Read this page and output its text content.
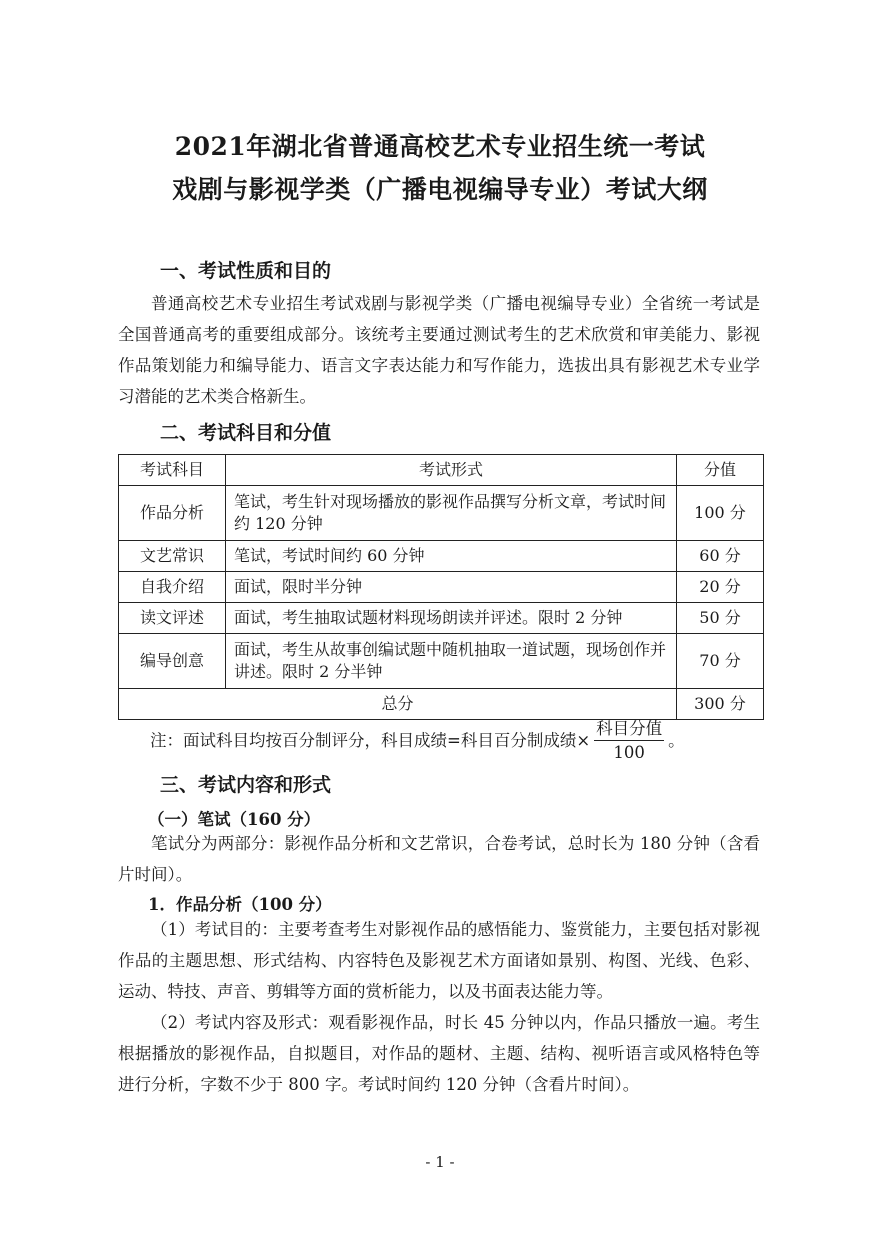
2021年湖北省普通高校艺术专业招生统一考试
戏剧与影视学类（广播电视编导专业）考试大纲
一、考试性质和目的

普通高校艺术专业招生考试戏剧与影视学类（广播电视编导专业）全省统一考试是全国普通高考的重要组成部分。该统考主要通过测试考生的艺术欣赏和审美能力、影视作品策划能力和编导能力、语言文字表达能力和写作能力，选拔出具有影视艺术专业学习潜能的艺术类合格新生。

二、考试科目和分值
考试科目	考试形式	分值
作品分析	笔试，考生针对现场播放的影视作品撰写分析文章，考试时间约 120 分钟	100 分
文艺常识	笔试，考试时间约 60 分钟	60 分
自我介绍	面试，限时半分钟	20 分
读文评述	面试，考生抽取试题材料现场朗读并评述。限时 2 分钟	50 分
编导创意	面试，考生从故事创编试题中随机抽取一道试题，现场创作并讲述。限时 2 分半钟	70 分
总分		300 分
注：面试科目均按百分制评分，科目成绩=科目百分制成绩× $\frac{\text{科目分值}}{100}$ 。
三、考试内容和形式
（一）笔试（160 分）

笔试分为两部分：影视作品分析和文艺常识，合卷考试，总时长为 180 分钟（含看片时间）。

1．作品分析（100 分）

（1）考试目的：主要考查考生对影视作品的感悟能力、鉴赏能力，主要包括对影视作品的主题思想、形式结构、内容特色及影视艺术方面诸如景别、构图、光线、色彩、运动、特技、声音、剪辑等方面的赏析能力，以及书面表达能力等。

（2）考试内容及形式：观看影视作品，时长 45 分钟以内，作品只播放一遍。考生根据播放的影视作品，自拟题目，对作品的题材、主题、结构、视听语言或风格特色等进行分析，字数不少于 800 字。考试时间约 120 分钟（含看片时间）。

- 1 -
